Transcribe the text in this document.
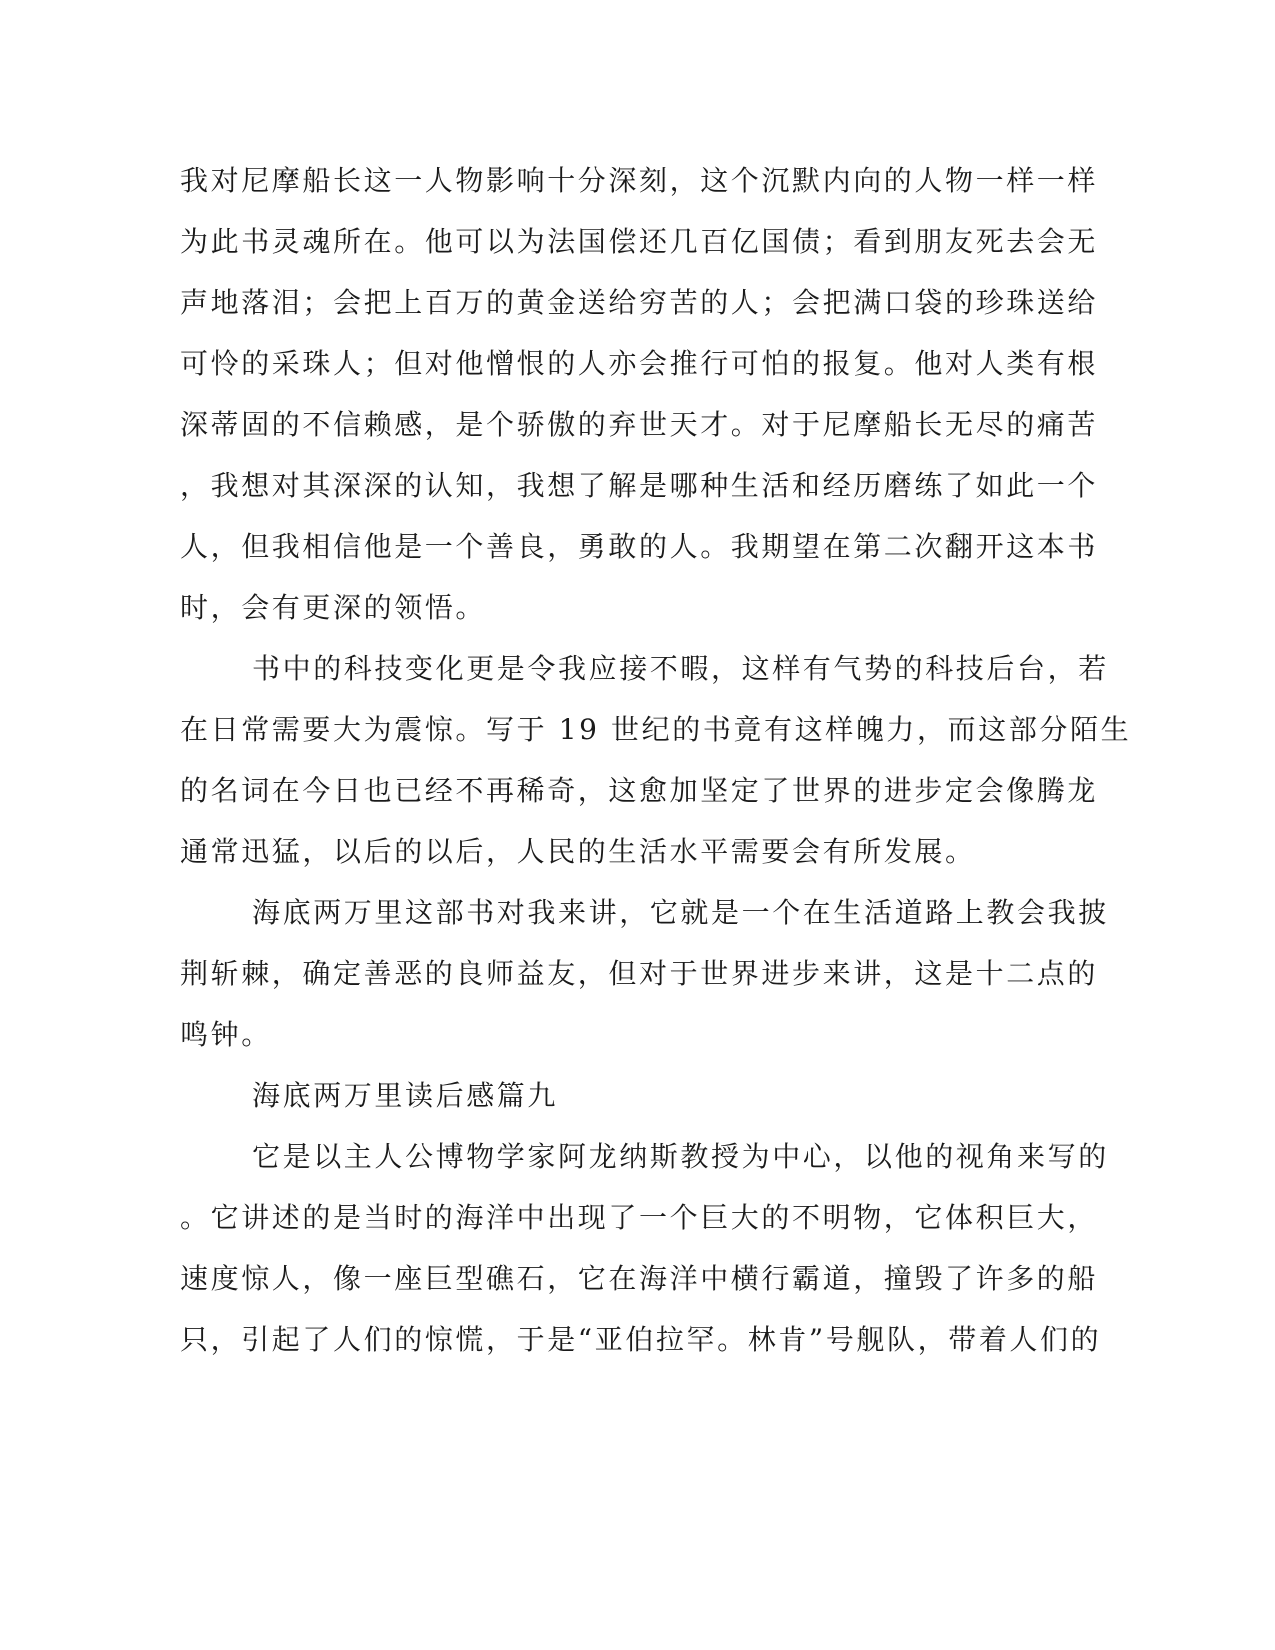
我对尼摩船长这一人物影响十分深刻，这个沉默内向的人物一样一样
为此书灵魂所在。他可以为法国偿还几百亿国债；看到朋友死去会无
声地落泪；会把上百万的黄金送给穷苦的人；会把满口袋的珍珠送给
可怜的采珠人；但对他憎恨的人亦会推行可怕的报复。他对人类有根
深蒂固的不信赖感，是个骄傲的弃世天才。对于尼摩船长无尽的痛苦
，我想对其深深的认知，我想了解是哪种生活和经历磨练了如此一个
人，但我相信他是一个善良，勇敢的人。我期望在第二次翻开这本书
时，会有更深的领悟。
书中的科技变化更是令我应接不暇，这样有气势的科技后台，若
在日常需要大为震惊。写于 19 世纪的书竟有这样魄力，而这部分陌生
的名词在今日也已经不再稀奇，这愈加坚定了世界的进步定会像腾龙
通常迅猛，以后的以后，人民的生活水平需要会有所发展。
海底两万里这部书对我来讲，它就是一个在生活道路上教会我披
荆斩棘，确定善恶的良师益友，但对于世界进步来讲，这是十二点的
鸣钟。
海底两万里读后感篇九
它是以主人公博物学家阿龙纳斯教授为中心，以他的视角来写的
。它讲述的是当时的海洋中出现了一个巨大的不明物，它体积巨大，
速度惊人，像一座巨型礁石，它在海洋中横行霸道，撞毁了许多的船
只，引起了人们的惊慌，于是“亚伯拉罕。林肯”号舰队，带着人们的
